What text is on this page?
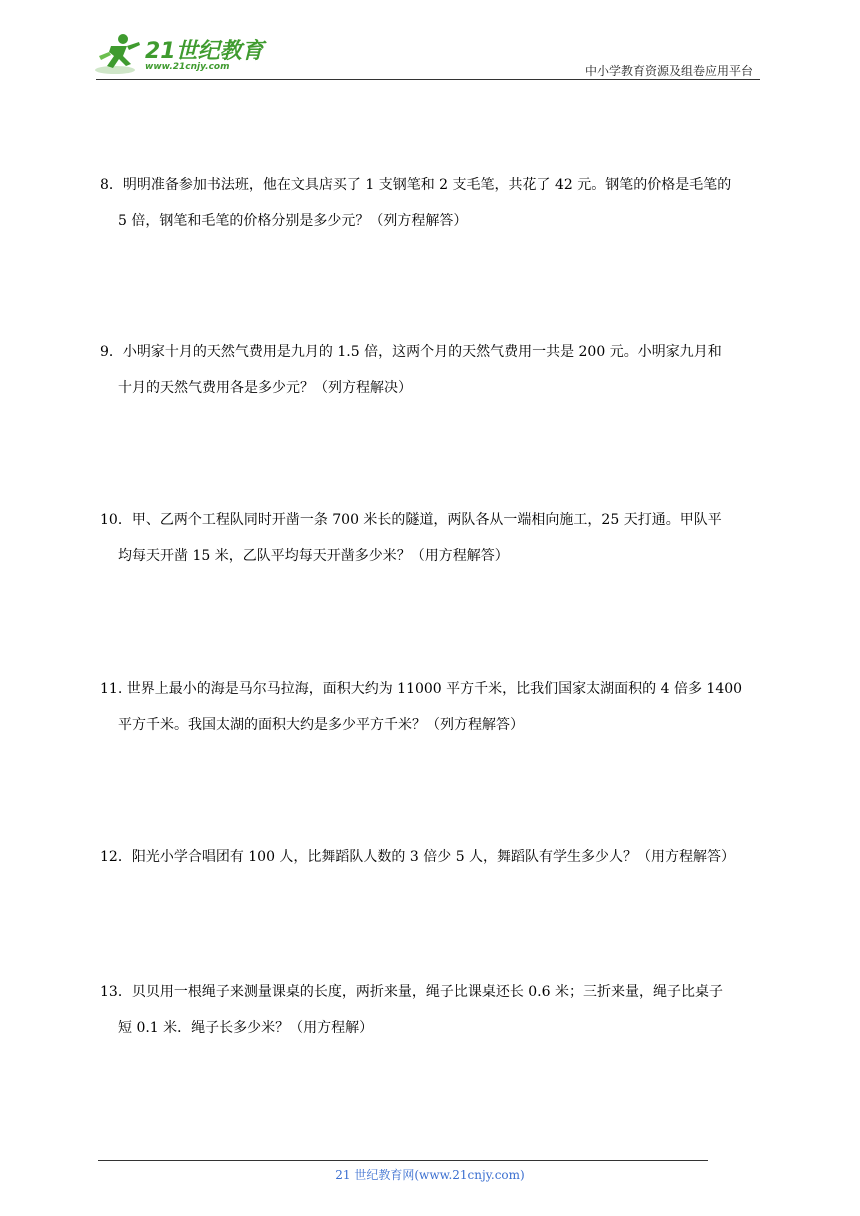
21世纪教育
www.21cnjy.com	中小学教育资源及组卷应用平台
8．明明准备参加书法班，他在文具店买了 1 支钢笔和 2 支毛笔，共花了 42 元。钢笔的价格是毛笔的
5 倍，钢笔和毛笔的价格分别是多少元？（列方程解答）
9．小明家十月的天然气费用是九月的 1.5 倍，这两个月的天然气费用一共是 200 元。小明家九月和
十月的天然气费用各是多少元？（列方程解决）
10．甲、乙两个工程队同时开凿一条 700 米长的隧道，两队各从一端相向施工，25 天打通。甲队平
均每天开凿 15 米，乙队平均每天开凿多少米？（用方程解答）
11. 世界上最小的海是马尔马拉海，面积大约为 11000 平方千米，比我们国家太湖面积的 4 倍多 1400
平方千米。我国太湖的面积大约是多少平方千米？（列方程解答）
12．阳光小学合唱团有 100 人，比舞蹈队人数的 3 倍少 5 人，舞蹈队有学生多少人？（用方程解答）
13．贝贝用一根绳子来测量课桌的长度，两折来量，绳子比课桌还长 0.6 米；三折来量，绳子比桌子
短 0.1 米．绳子长多少米？（用方程解）
21 世纪教育网(www.21cnjy.com)
